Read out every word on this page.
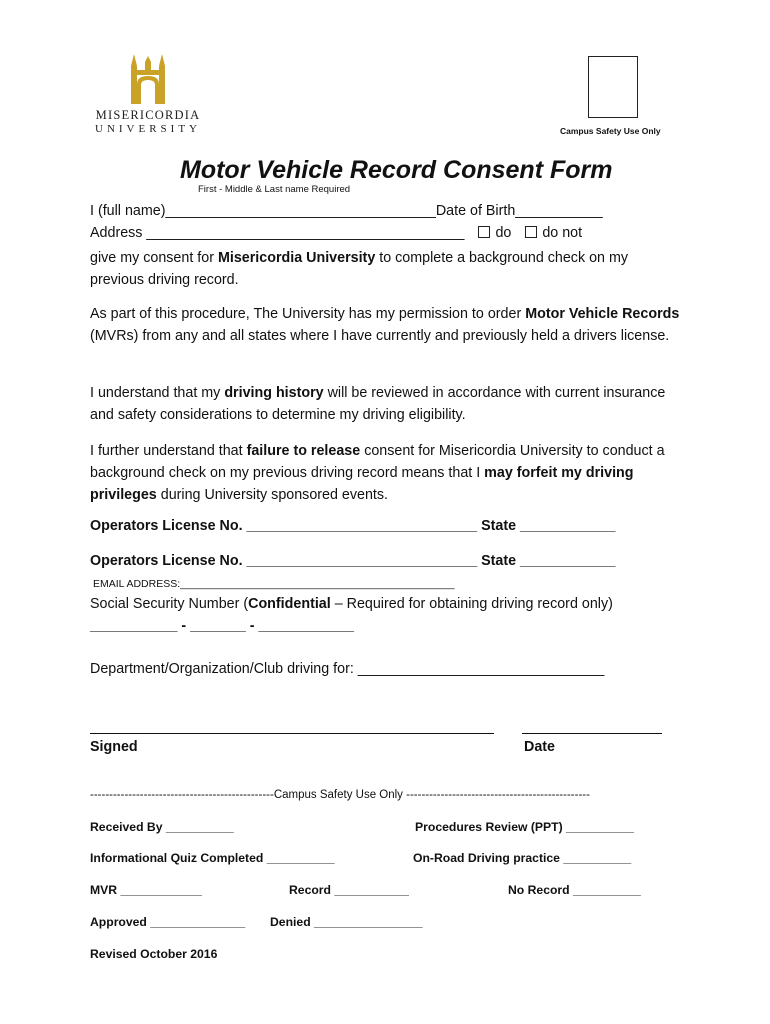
MISERICORDIA
UNIVERSITY	Campus Safety Use Only
Motor Vehicle Record Consent Form
First - Middle & Last name Required
I (full name)__________________________________Date of Birth___________
Address ________________________________________ do do not
give my consent for Misericordia University to complete a background check on my previous driving record.
As part of this procedure, The University has my permission to order Motor Vehicle Records (MVRs) from any and all states where I have currently and previously held a drivers license.
I understand that my driving history will be reviewed in accordance with current insurance and safety considerations to determine my driving eligibility.
I further understand that failure to release consent for Misericordia University to conduct a background check on my previous driving record means that I may forfeit my driving privileges during University sponsored events.
Operators License No. _____________________________ State ____________
Operators License No. _____________________________ State ____________
EMAIL ADDRESS:_______________________________________________
Social Security Number (Confidential – Required for obtaining driving record only)
___________ - _______ - ____________
Department/Organization/Club driving for: _______________________________
Signed	Date
------------------------------------------------Campus Safety Use Only ------------------------------------------------
Received By __________	Procedures Review (PPT) __________
Informational Quiz Completed __________	On-Road Driving practice __________
MVR ____________	Record ___________	No Record __________
Approved ______________ Denied ________________
Revised October 2016
